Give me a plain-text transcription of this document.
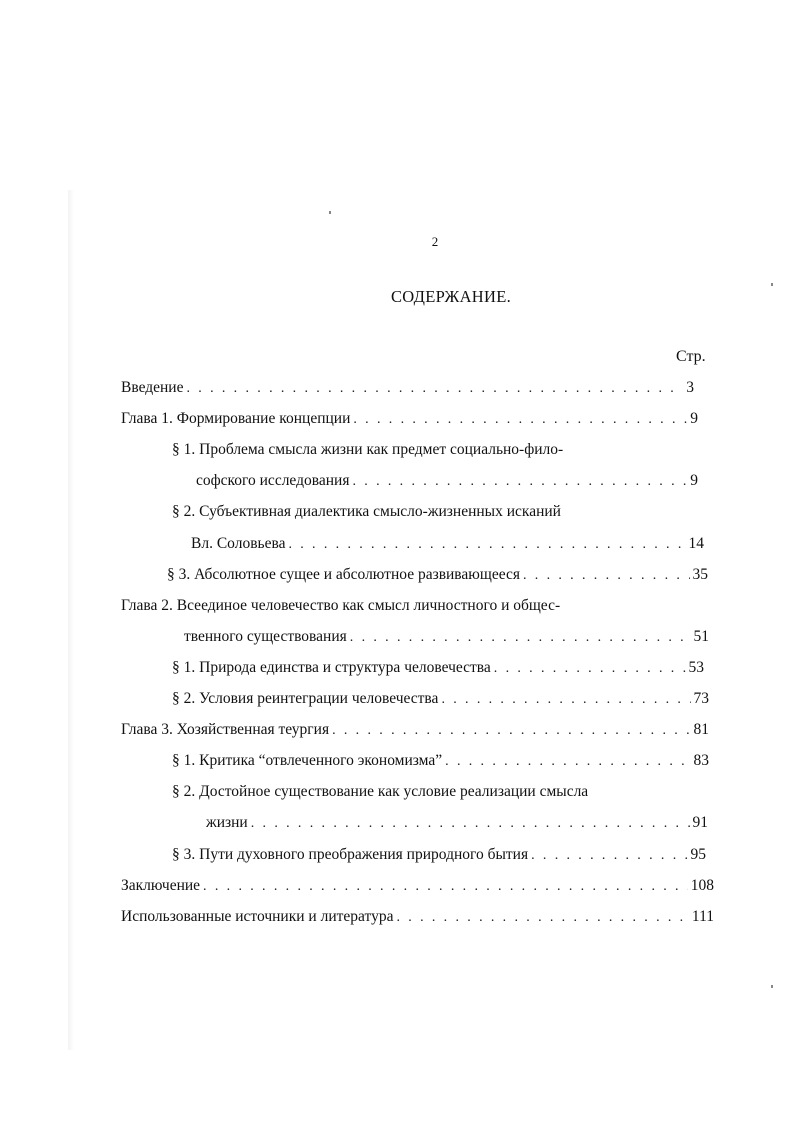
2
СОДЕРЖАНИЕ.
Стр.
Введение . . .	3
Глава 1. Формирование концепции . . .	9
§ 1. Проблема смысла жизни как предмет социально-фило-
софского исследования . . .	9
§ 2. Субъективная диалектика смысло-жизненных исканий
Вл. Соловьева . . .	14
§ 3. Абсолютное сущее и абсолютное развивающееся . . .	35
Глава 2. Всеединое человечество как смысл личностного и общес-
твенного существования . . .	51
§ 1. Природа единства и структура человечества . . .	53
§ 2. Условия реинтеграции человечества . . .	73
Глава 3. Хозяйственная теургия . . .	81
§ 1. Критика “отвлеченного экономизма” . . .	83
§ 2. Достойное существование как условие реализации смысла
жизни . . .	91
§ 3. Пути духовного преображения природного бытия . . .	95
Заключение . . .	108
Использованные источники и литература . . .	111
